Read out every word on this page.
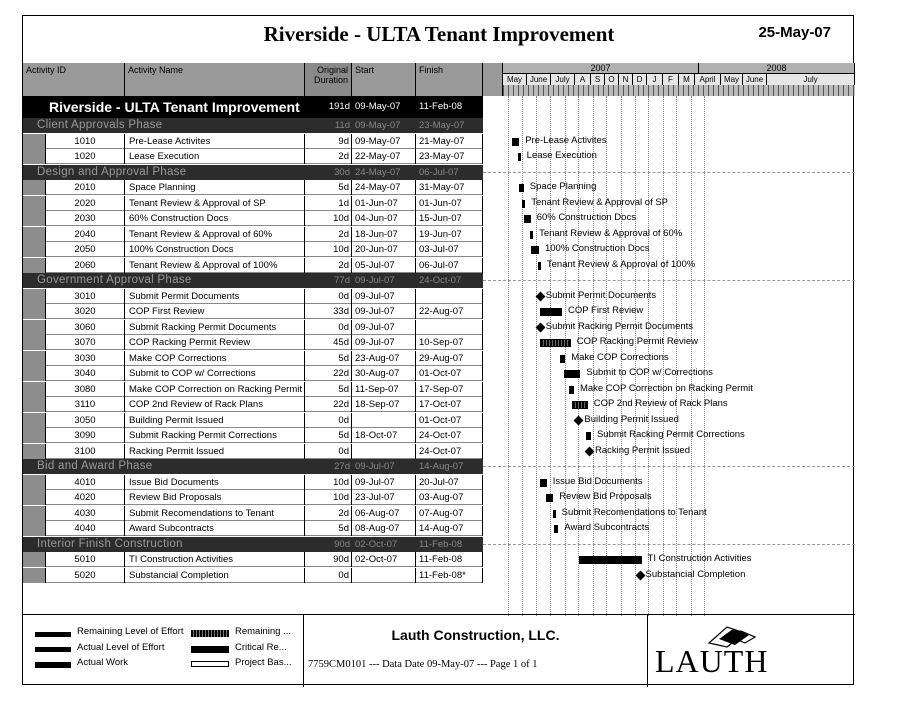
Riverside - ULTA Tenant Improvement	25-May-07
Activity ID	Activity Name	Original
Duration
Start	Finish	2007	2008
May June	July	A	S	O	N	D	J	F	M	April	May June	July
Riverside - ULTA Tenant Improvement	191d 09-May-07	11-Feb-08
Client Approvals Phase	11d 09-May-07	23-May-07
1010	Pre-Lease Activites	9d 09-May-07	21-May-07
1020	Lease Execution	2d 22-May-07	23-May-07
Design and Approval Phase	30d 24-May-07	06-Jul-07
2010	Space Planning	5d 24-May-07	31-May-07
2020	Tenant Review & Approval of SP	1d 01-Jun-07	01-Jun-07
2030	60% Construction Docs	10d 04-Jun-07	15-Jun-07
2040	Tenant Review & Approval of 60%	2d 18-Jun-07	19-Jun-07
2050	100% Construction Docs	10d 20-Jun-07	03-Jul-07
2060	Tenant Review & Approval of 100%	2d 05-Jul-07	06-Jul-07
Government Approval Phase	77d 09-Jul-07	24-Oct-07
3010	Submit Permit Documents	0d 09-Jul-07
3020	COP First Review	33d 09-Jul-07	22-Aug-07
3060	Submit Racking Permit Documents	0d 09-Jul-07
3070	COP Racking Permit Review	45d 09-Jul-07	10-Sep-07
3030	Make COP Corrections	5d 23-Aug-07	29-Aug-07
3040	Submit to COP w/ Corrections	22d 30-Aug-07	01-Oct-07
3080	Make COP Correction on Racking Permit	5d 11-Sep-07	17-Sep-07
3110	COP 2nd Review of Rack Plans	22d 18-Sep-07	17-Oct-07
3050	Building Permit Issued	0d	01-Oct-07
3090	Submit Racking Permit Corrections	5d 18-Oct-07	24-Oct-07
3100	Racking Permit Issued	0d	24-Oct-07
Bid and Award Phase	27d 09-Jul-07	14-Aug-07
4010	Issue Bid Documents	10d 09-Jul-07	20-Jul-07
4020	Review Bid Proposals	10d 23-Jul-07	03-Aug-07
4030	Submit Recomendations to Tenant	2d 06-Aug-07	07-Aug-07
4040	Award Subcontracts	5d 08-Aug-07	14-Aug-07
Interior Finish Construction	90d 02-Oct-07	11-Feb-08
5010	TI Construction Activities	90d 02-Oct-07	11-Feb-08
5020	Substancial Completion	0d	11-Feb-08*
Pre-Lease Activites
Lease Execution
Space Planning
Tenant Review & Approval of SP
60% Construction Docs
Tenant Review & Approval of 60%
100% Construction Docs
Tenant Review & Approval of 100%
Submit Permit Documents
COP First Review
Submit Racking Permit Documents
COP Racking Permit Review
Make COP Corrections
Submit to COP w/ Corrections
Make COP Correction on Racking Permit
COP 2nd Review of Rack Plans
Building Permit Issued
Submit Racking Permit Corrections
Racking Permit Issued
Issue Bid Documents
Review Bid Proposals
Submit Recomendations to Tenant
Award Subcontracts
TI Construction Activities
Substancial Completion
Remaining Level of Effort
Actual Level of Effort
Actual Work
Remaining ...
Critical Re...
Project Bas...
Lauth Construction, LLC.
7759CM0101 --- Data Date 09-May-07 --- Page 1 of 1	LAUTH
